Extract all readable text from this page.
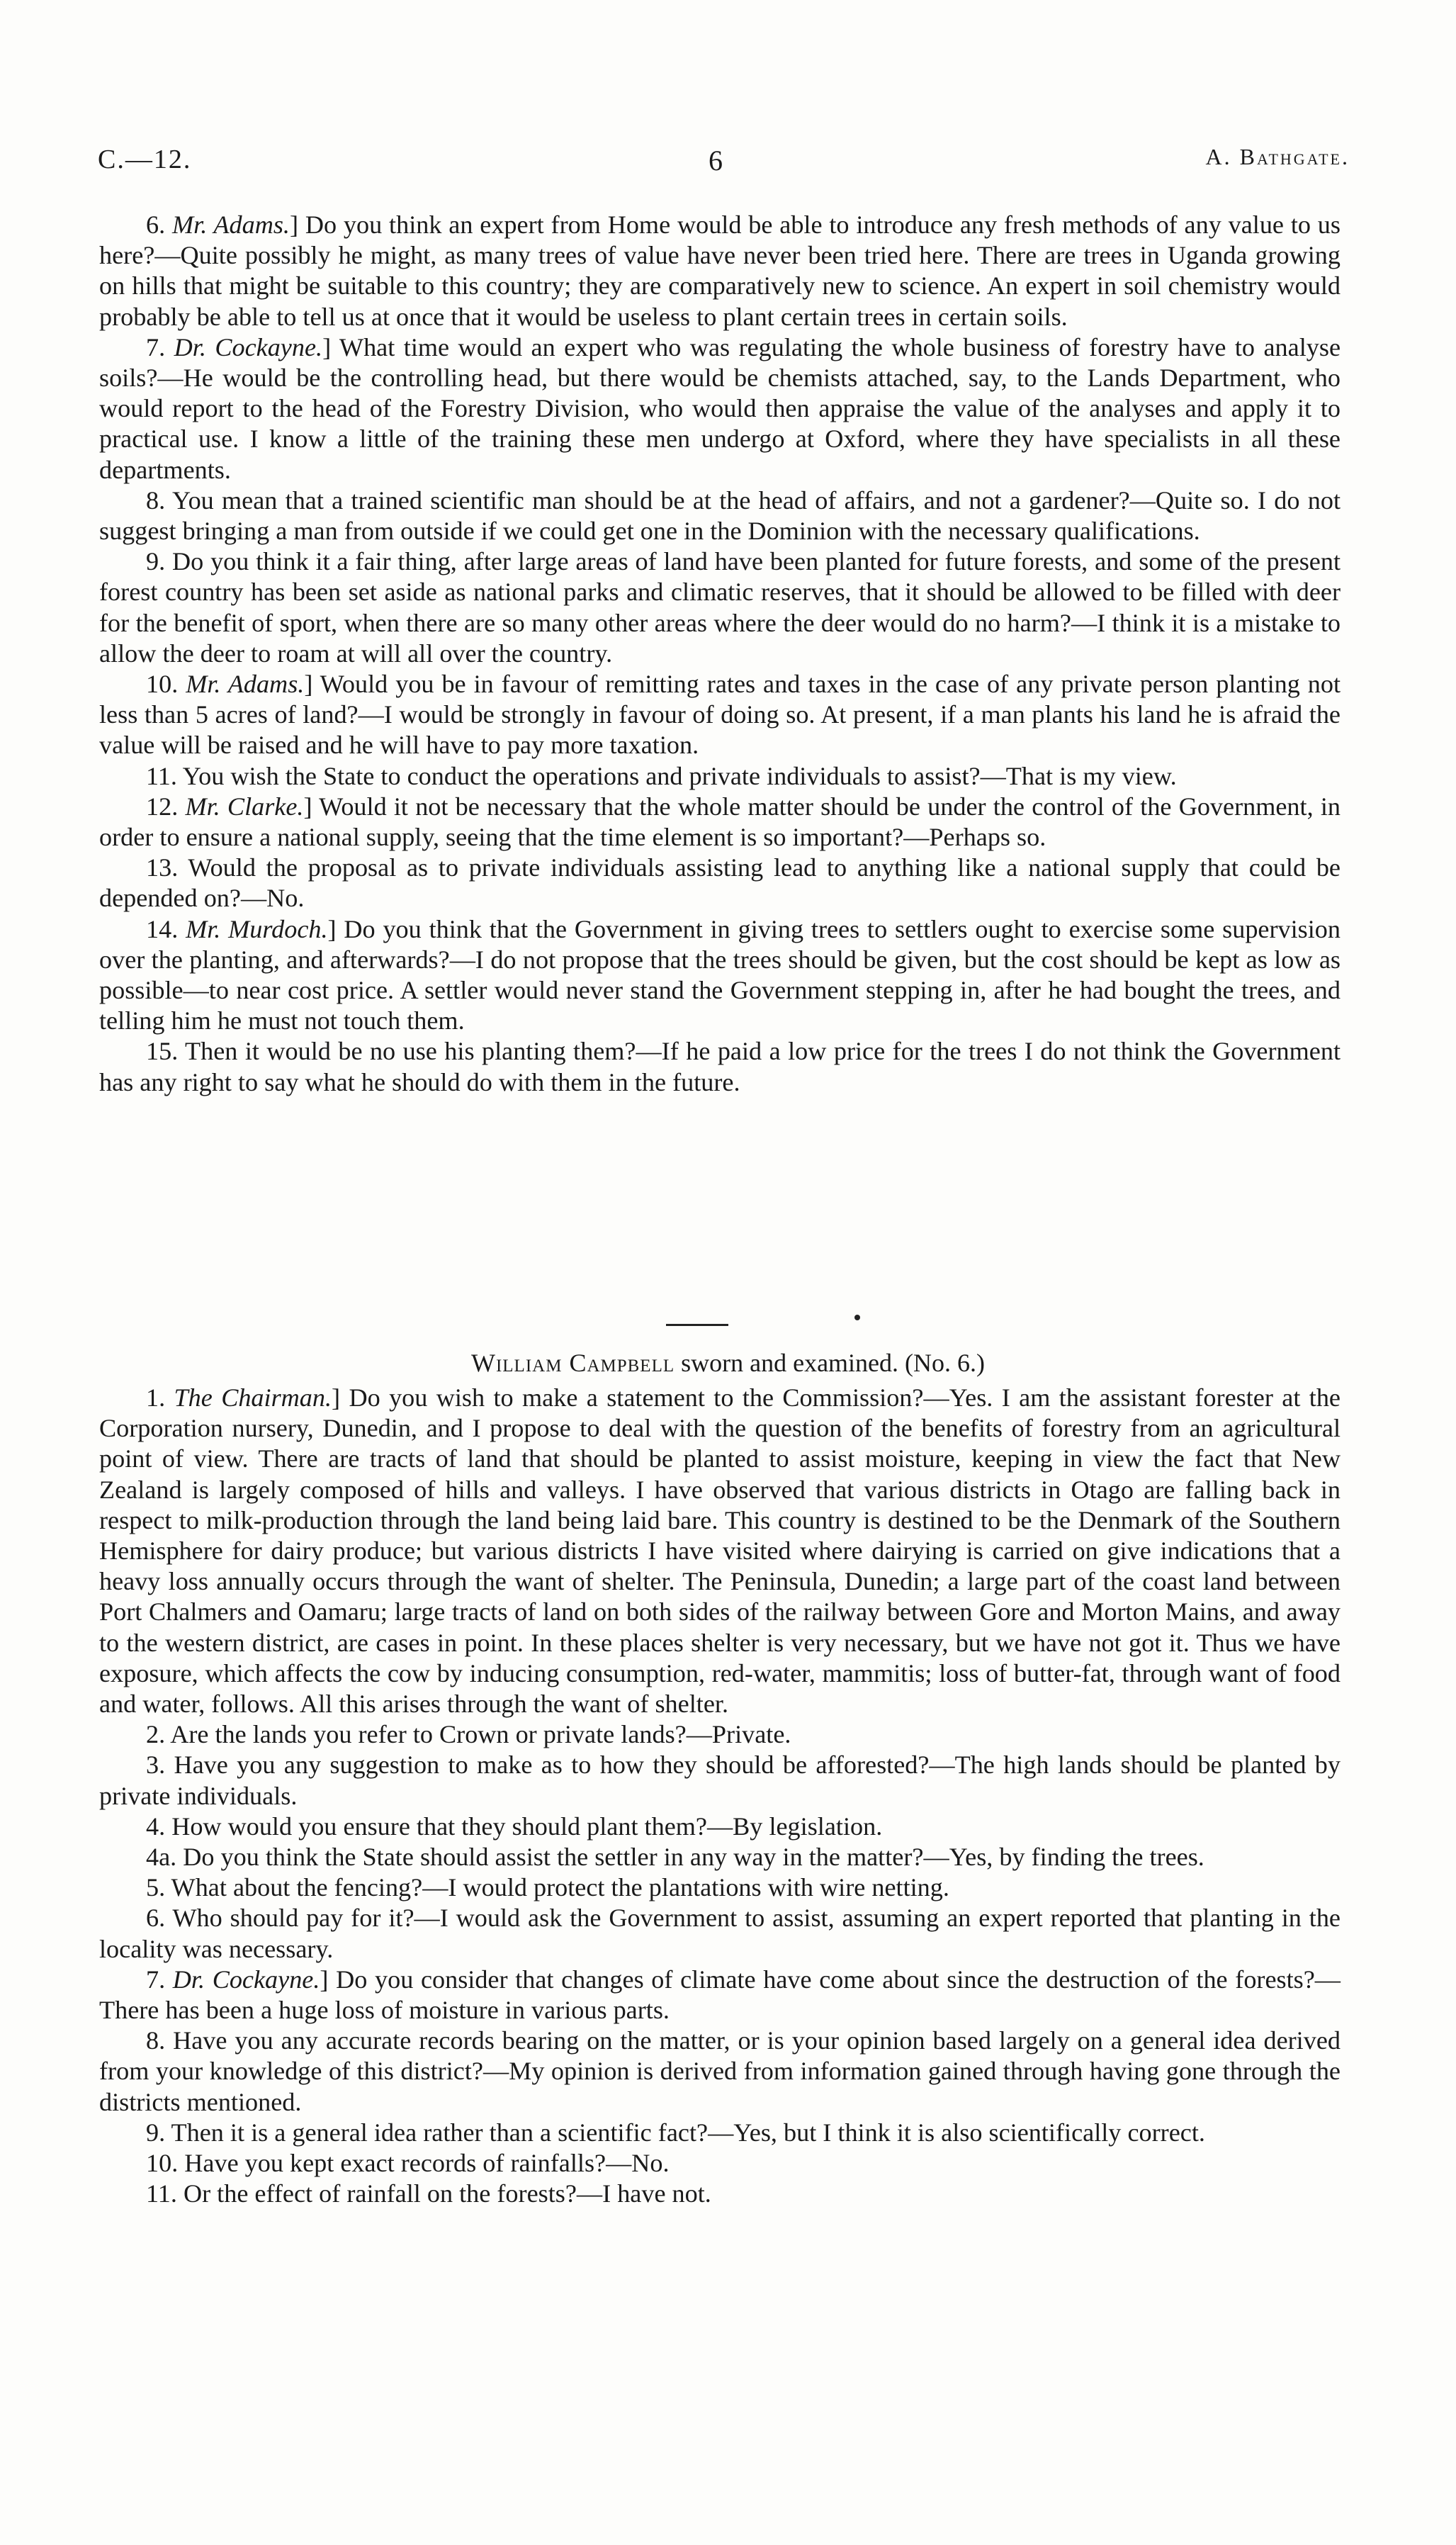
C.—12.	6	A. Bathgate.

6. Mr. Adams.] Do you think an expert from Home would be able to introduce any fresh methods of any value to us here?—Quite possibly he might, as many trees of value have never been tried here. There are trees in Uganda growing on hills that might be suitable to this country; they are comparatively new to science. An expert in soil chemistry would probably be able to tell us at once that it would be useless to plant certain trees in certain soils.

7. Dr. Cockayne.] What time would an expert who was regulating the whole business of forestry have to analyse soils?—He would be the controlling head, but there would be chemists attached, say, to the Lands Department, who would report to the head of the Forestry Division, who would then appraise the value of the analyses and apply it to practical use. I know a little of the training these men undergo at Oxford, where they have specialists in all these departments.

8. You mean that a trained scientific man should be at the head of affairs, and not a gardener?—Quite so. I do not suggest bringing a man from outside if we could get one in the Dominion with the necessary qualifications.

9. Do you think it a fair thing, after large areas of land have been planted for future forests, and some of the present forest country has been set aside as national parks and climatic reserves, that it should be allowed to be filled with deer for the benefit of sport, when there are so many other areas where the deer would do no harm?—I think it is a mistake to allow the deer to roam at will all over the country.

10. Mr. Adams.] Would you be in favour of remitting rates and taxes in the case of any private person planting not less than 5 acres of land?—I would be strongly in favour of doing so. At present, if a man plants his land he is afraid the value will be raised and he will have to pay more taxation.

11. You wish the State to conduct the operations and private individuals to assist?—That is my view.

12. Mr. Clarke.] Would it not be necessary that the whole matter should be under the control of the Government, in order to ensure a national supply, seeing that the time element is so important?—Perhaps so.

13. Would the proposal as to private individuals assisting lead to anything like a national supply that could be depended on?—No.

14. Mr. Murdoch.] Do you think that the Government in giving trees to settlers ought to exercise some supervision over the planting, and afterwards?—I do not propose that the trees should be given, but the cost should be kept as low as possible—to near cost price. A settler would never stand the Government stepping in, after he had bought the trees, and telling him he must not touch them.

15. Then it would be no use his planting them?—If he paid a low price for the trees I do not think the Government has any right to say what he should do with them in the future.

William Campbell sworn and examined. (No. 6.)

1. The Chairman.] Do you wish to make a statement to the Commission?—Yes. I am the assistant forester at the Corporation nursery, Dunedin, and I propose to deal with the question of the benefits of forestry from an agricultural point of view. There are tracts of land that should be planted to assist moisture, keeping in view the fact that New Zealand is largely composed of hills and valleys. I have observed that various districts in Otago are falling back in respect to milk-production through the land being laid bare. This country is destined to be the Denmark of the Southern Hemisphere for dairy produce; but various districts I have visited where dairying is carried on give indications that a heavy loss annually occurs through the want of shelter. The Peninsula, Dunedin; a large part of the coast land between Port Chalmers and Oamaru; large tracts of land on both sides of the railway between Gore and Morton Mains, and away to the western district, are cases in point. In these places shelter is very necessary, but we have not got it. Thus we have exposure, which affects the cow by inducing consumption, red-water, mammitis; loss of butter-fat, through want of food and water, follows. All this arises through the want of shelter.

2. Are the lands you refer to Crown or private lands?—Private.

3. Have you any suggestion to make as to how they should be afforested?—The high lands should be planted by private individuals.

4. How would you ensure that they should plant them?—By legislation.

4a. Do you think the State should assist the settler in any way in the matter?—Yes, by finding the trees.

5. What about the fencing?—I would protect the plantations with wire netting.

6. Who should pay for it?—I would ask the Government to assist, assuming an expert reported that planting in the locality was necessary.

7. Dr. Cockayne.] Do you consider that changes of climate have come about since the destruction of the forests?—There has been a huge loss of moisture in various parts.

8. Have you any accurate records bearing on the matter, or is your opinion based largely on a general idea derived from your knowledge of this district?—My opinion is derived from information gained through having gone through the districts mentioned.

9. Then it is a general idea rather than a scientific fact?—Yes, but I think it is also scientifically correct.

10. Have you kept exact records of rainfalls?—No.

11. Or the effect of rainfall on the forests?—I have not.
